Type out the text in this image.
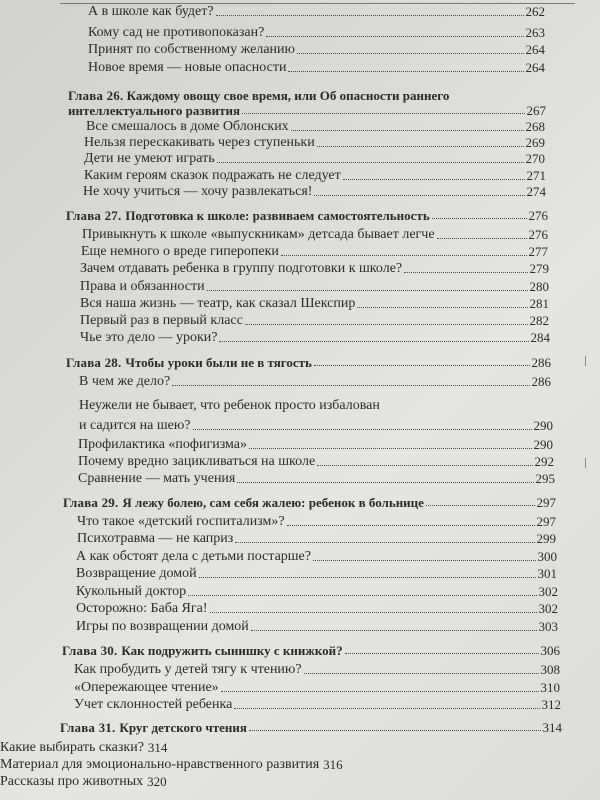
А в школе как будет?	262
Кому сад не противопоказан?	263
Принят по собственному желанию	264
Новое время — новые опасности	264
Глава 26. Каждому овощу свое время, или Об опасности раннего
интеллектуального развития	267
Все смешалось в доме Облонских	268
Нельзя перескакивать через ступеньки	269
Дети не умеют играть	270
Каким героям сказок подражать не следует	271
Не хочу учиться — хочу развлекаться!	274
Глава 27. Подготовка к школе: развиваем самостоятельность	276
Привыкнуть к школе «выпускникам» детсада бывает легче	276
Еще немного о вреде гиперопеки	277
Зачем отдавать ребенка в группу подготовки к школе?	279
Права и обязанности	280
Вся наша жизнь — театр, как сказал Шекспир	281
Первый раз в первый класс	282
Чье это дело — уроки?	284
Глава 28. Чтобы уроки были не в тягость	286
В чем же дело?	286
Неужели не бывает, что ребенок просто избалован
и садится на шею?	290
Профилактика «пофигизма»	290
Почему вредно зацикливаться на школе	292
Сравнение — мать учения	295
Глава 29. Я лежу болею, сам себя жалею: ребенок в больнице	297
Что такое «детский госпитализм»?	297
Психотравма — не каприз	299
А как обстоят дела с детьми постарше?	300
Возвращение домой	301
Кукольный доктор	302
Осторожно: Баба Яга!	302
Игры по возвращении домой	303
Глава 30. Как подружить сынишку с книжкой?	306
Как пробудить у детей тягу к чтению?	308
«Опережающее чтение»	310
Учет склонностей ребенка	312
Глава 31. Круг детского чтения	314
Какие выбирать сказки? 314
Материал для эмоционально-нравственного развития 316
Рассказы про животных 320
